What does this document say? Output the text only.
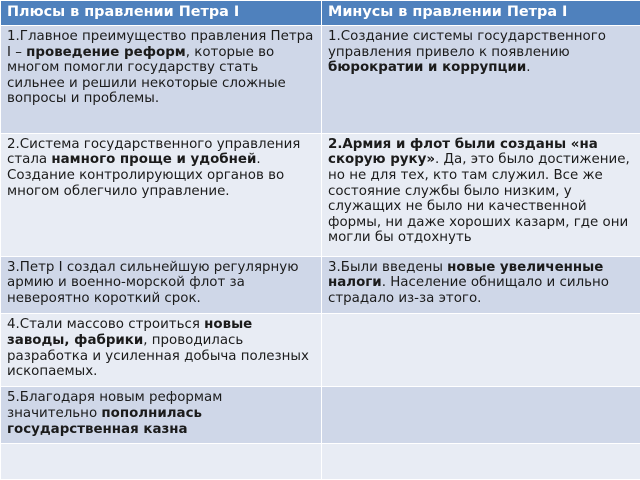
Плюсы в правлении Петра I	Минусы в правлении Петра I
1.Главное преимущество правления Петра I – проведение реформ, которые во многом помогли государству стать сильнее и решили некоторые сложные вопросы и проблемы.	1.Создание системы государственного управления привело к появлению бюрократии и коррупции.
2.Система государственного управления стала намного проще и удобней. Создание контролирующих органов во многом облегчило управление.	2.Армия и флот были созданы «на скорую руку». Да, это было достижение, но не для тех, кто там служил. Все же состояние службы было низким, у служащих не было ни качественной формы, ни даже хороших казарм, где они могли бы отдохнуть
3.Петр I создал сильнейшую регулярную армию и военно-морской флот за невероятно короткий срок.	3.Были введены новые увеличенные налоги. Население обнищало и сильно страдало из-за этого.
4.Стали массово строиться новые заводы, фабрики, проводилась разработка и усиленная добыча полезных ископаемых.	
5.Благодаря новым реформам значительно пополнилась государственная казна	
